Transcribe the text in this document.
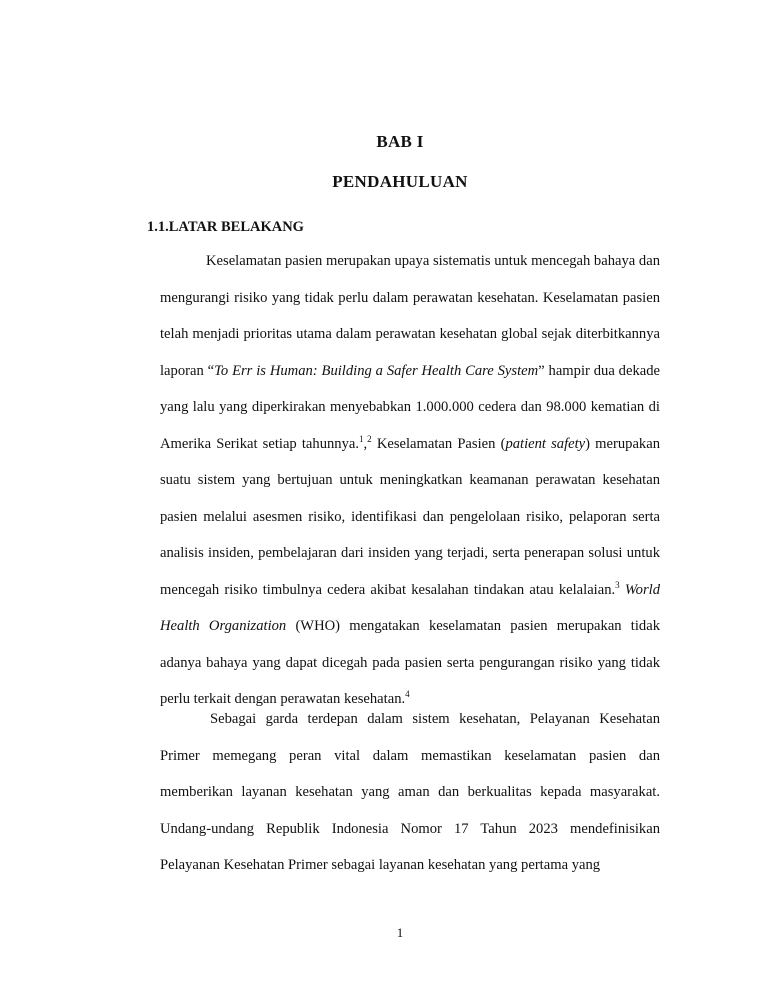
BAB I
PENDAHULUAN
1.1.LATAR BELAKANG

Keselamatan pasien merupakan upaya sistematis untuk mencegah bahaya dan mengurangi risiko yang tidak perlu dalam perawatan kesehatan. Keselamatan pasien telah menjadi prioritas utama dalam perawatan kesehatan global sejak diterbitkannya laporan “To Err is Human: Building a Safer Health Care System” hampir dua dekade yang lalu yang diperkirakan menyebabkan 1.000.000 cedera dan 98.000 kematian di Amerika Serikat setiap tahunnya.$^1$,$^2$ Keselamatan Pasien (patient safety) merupakan suatu sistem yang bertujuan untuk meningkatkan keamanan perawatan kesehatan pasien melalui asesmen risiko, identifikasi dan pengelolaan risiko, pelaporan serta analisis insiden, pembelajaran dari insiden yang terjadi, serta penerapan solusi untuk mencegah risiko timbulnya cedera akibat kesalahan tindakan atau kelalaian.$^3$ World Health Organization (WHO) mengatakan keselamatan pasien merupakan tidak adanya bahaya yang dapat dicegah pada pasien serta pengurangan risiko yang tidak perlu terkait dengan perawatan kesehatan.$^4$

Sebagai garda terdepan dalam sistem kesehatan, Pelayanan Kesehatan Primer memegang peran vital dalam memastikan keselamatan pasien dan memberikan layanan kesehatan yang aman dan berkualitas kepada masyarakat. Undang-undang Republik Indonesia Nomor 17 Tahun 2023 mendefinisikan Pelayanan Kesehatan Primer sebagai layanan kesehatan yang pertama yang

1
